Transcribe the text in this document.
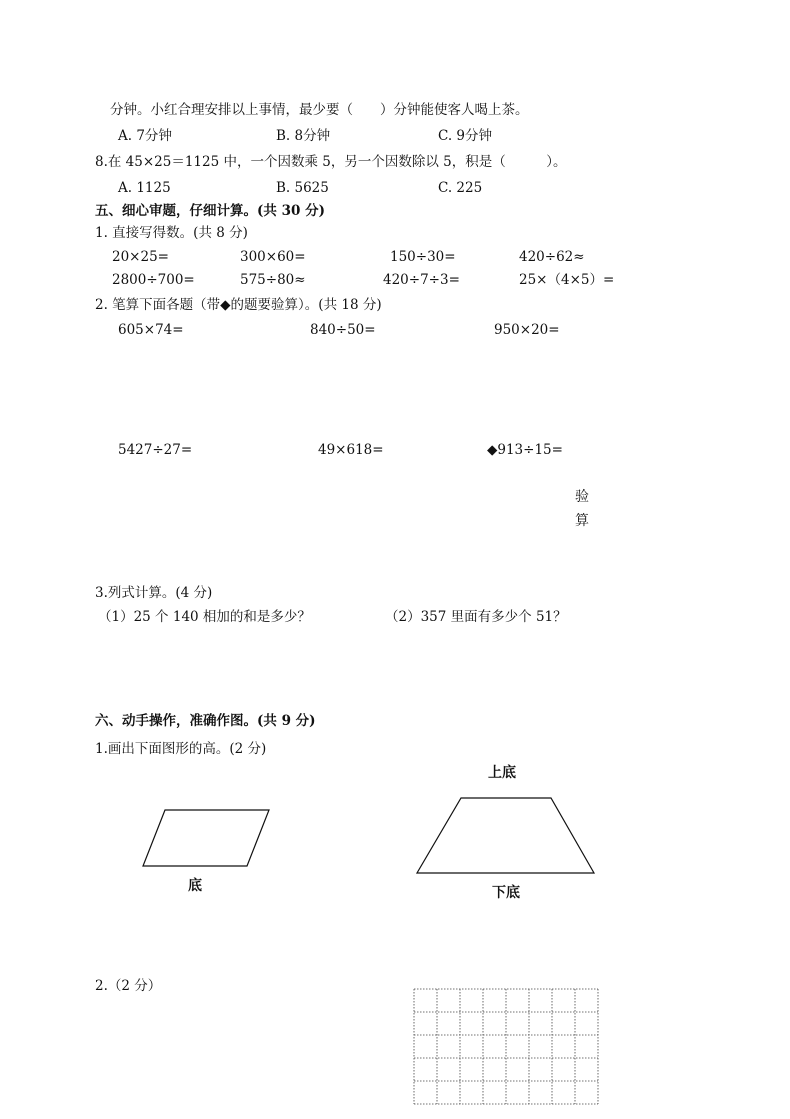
分钟。小红合理安排以上事情，最少要（　　）分钟能使客人喝上茶。
A. 7分钟	B. 8分钟	C. 9分钟
8.在 45×25＝1125 中，一个因数乘 5，另一个因数除以 5，积是（　　　）。
A. 1125	B. 5625	C. 225
五、细心审题，仔细计算。(共 30 分)
1. 直接写得数。(共 8 分)
20×25=	300×60=	150÷30=	420÷62≈
2800÷700=	575÷80≈	420÷7÷3=	25×（4×5）=
2. 笔算下面各题（带◆的题要验算）。(共 18 分)
605×74=	840÷50=	950×20=
5427÷27=	49×618=	◆913÷15=
验
算
3.列式计算。(4 分)
（1）25 个 140 相加的和是多少？	（2）357 里面有多少个 51？
六、动手操作，准确作图。(共 9 分)
1.画出下面图形的高。(2 分)
底
上底
下底
2.（2 分）
